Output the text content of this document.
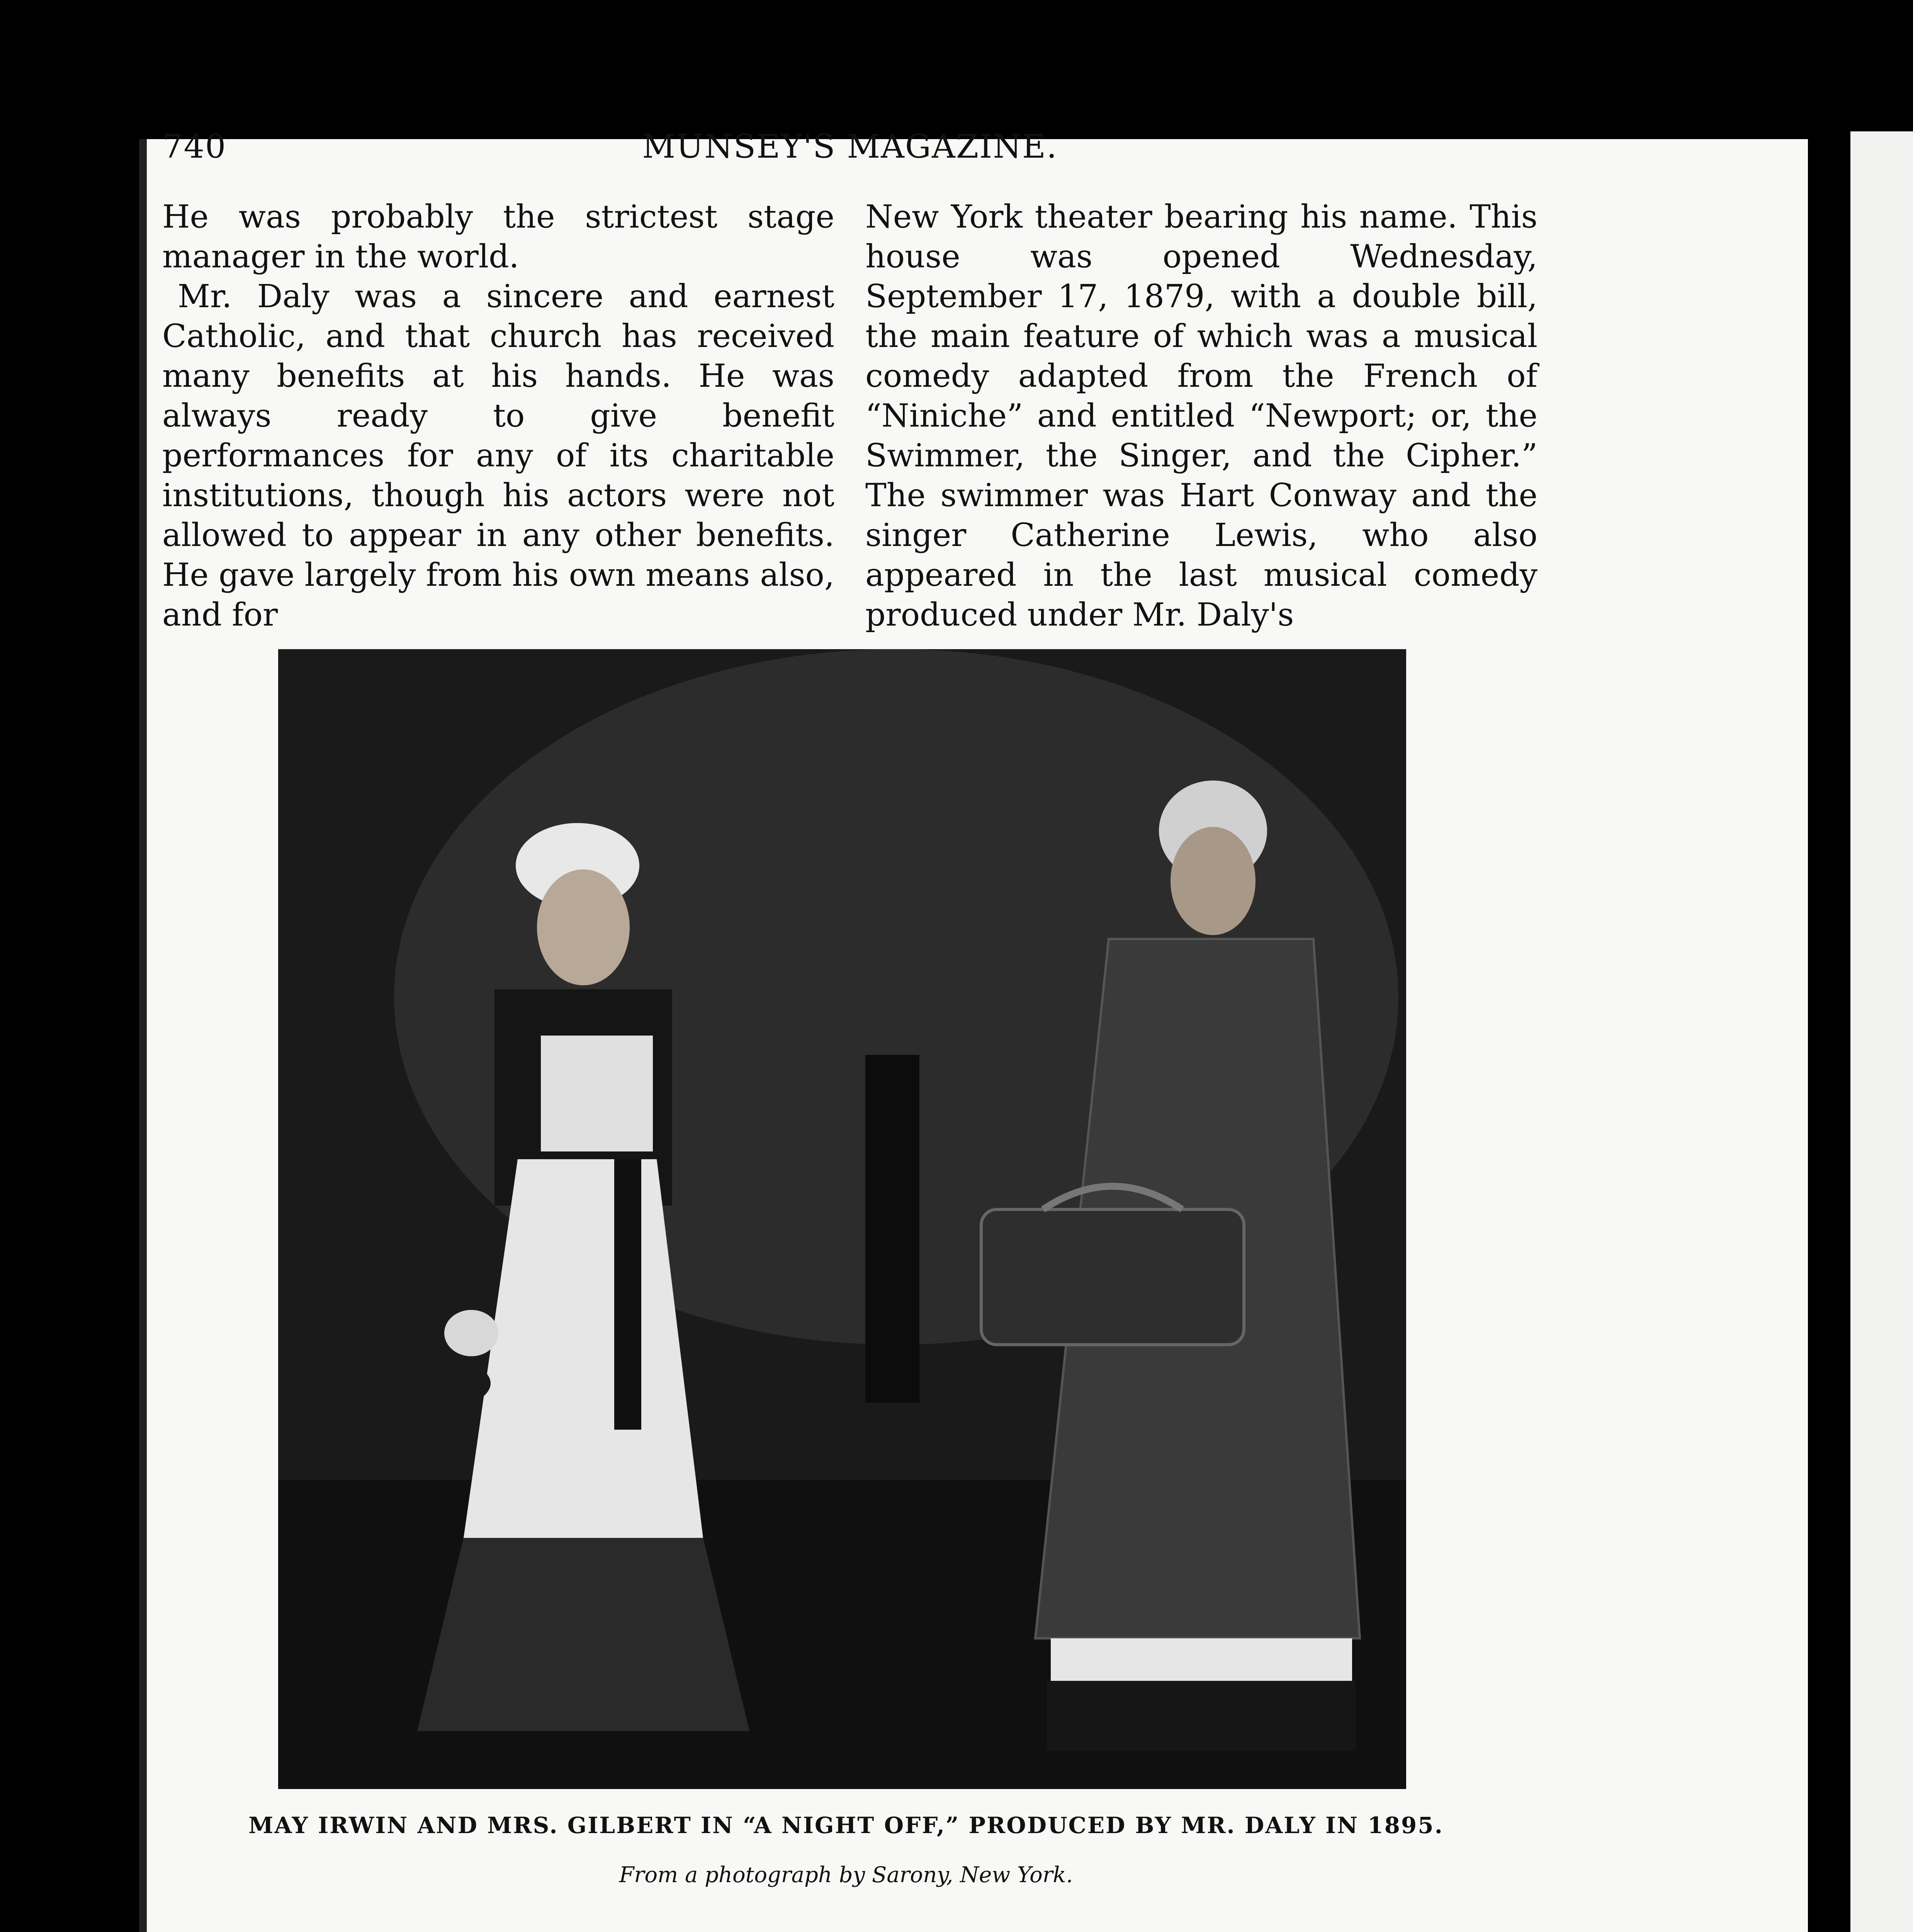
740	MUNSEY'S MAGAZINE.

He was probably the strictest stage manager in the world.

Mr. Daly was a sincere and earnest Catholic, and that church has received many benefits at his hands. He was always ready to give benefit performances for any of its charitable institutions, though his actors were not allowed to appear in any other benefits. He gave largely from his own means also, and for

New York theater bearing his name. This house was opened Wednesday, September 17, 1879, with a double bill, the main feature of which was a musical comedy adapted from the French of “Niniche” and entitled “Newport; or, the Swimmer, the Singer, and the Cipher.” The swimmer was Hart Conway and the singer Catherine Lewis, who also appeared in the last musical comedy produced under Mr. Daly's

MAY IRWIN AND MRS. GILBERT IN “A NIGHT OFF,” PRODUCED BY MR. DALY IN 1895.
From a photograph by Sarony, New York.
